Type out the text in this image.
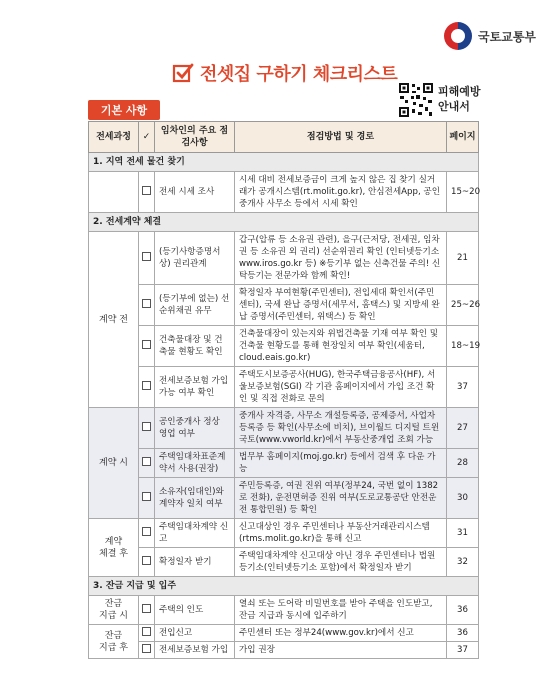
국토교통부
전셋집 구하기 체크리스트
피해예방
안내서
기본 사항
전세과정	✓	임차인의 주요 점검사항	점검방법 및 경로	페이지
1. 지역 전세 물건 찾기				
		전세 시세 조사	시세 대비 전세보증금이 크게 높지 않은 집 찾기 실거래가 공개시스템(rt.molit.go.kr), 안심전세App, 공인중개사 사무소 등에서 시세 확인	15~20
2. 전세계약 체결				
계약 전		(등기사항증명서 상) 권리관계	갑구(압류 등 소유권 관련), 을구(근저당, 전세권, 임차권 등 소유권 외 권리) 선순위권리 확인 (인터넷등기소 www.iros.go.kr 등) ※등기부 없는 신축건물 주의! 신탁등기는 전문가와 함께 확인!	21
		(등기부에 없는) 선순위채권 유무	확정일자 부여현황(주민센터), 전입세대 확인서(주민센터), 국세 완납 증명서(세무서, 홈택스) 및 지방세 완납 증명서(주민센터, 위택스) 등 확인	25~26
		건축물대장 및 건축물 현황도 확인	건축물대장이 있는지와 위법건축물 기재 여부 확인 및 건축물 현황도를 통해 현장일치 여부 확인(세움터, cloud.eais.go.kr)	18~19
		전세보증보험 가입 가능 여부 확인	주택도시보증공사(HUG), 한국주택금융공사(HF), 서울보증보험(SGI) 각 기관 홈페이지에서 가입 조건 확인 및 직접 전화로 문의	37
계약 시		공인중개사 정상 영업 여부	중개사 자격증, 사무소 개설등록증, 공제증서, 사업자등록증 등 확인(사무소에 비치), 브이월드 디지털 트윈 국토(www.vworld.kr)에서 부동산중개업 조회 가능	27
		주택임대차표준계약서 사용(권장)	법무부 홈페이지(moj.go.kr) 등에서 검색 후 다운 가능	28
		소유자(임대인)와 계약자 일치 여부	주민등록증, 여권 진위 여부(정부24, 국번 없이 1382로 전화), 운전면허증 진위 여부(도로교통공단 안전운전 통합민원) 등 확인	30

계약
체결 후		주택임대차계약 신고	신고대상인 경우 주민센터나 부동산거래관리시스템(rtms.molit.go.kr)을 통해 신고	31
		확정일자 받기	주택임대차계약 신고대상 아닌 경우 주민센터나 법원등기소(인터넷등기소 포함)에서 확정일자 받기	32
3. 잔금 지급 및 입주				

잔금
지급 시		주택의 인도	열쇠 또는 도어락 비밀번호를 받아 주택을 인도받고, 잔금 지급과 동시에 입주하기	36

잔금
지급 후		전입신고	주민센터 또는 정부24(www.gov.kr)에서 신고	36
		전세보증보험 가입	가입 권장	37
